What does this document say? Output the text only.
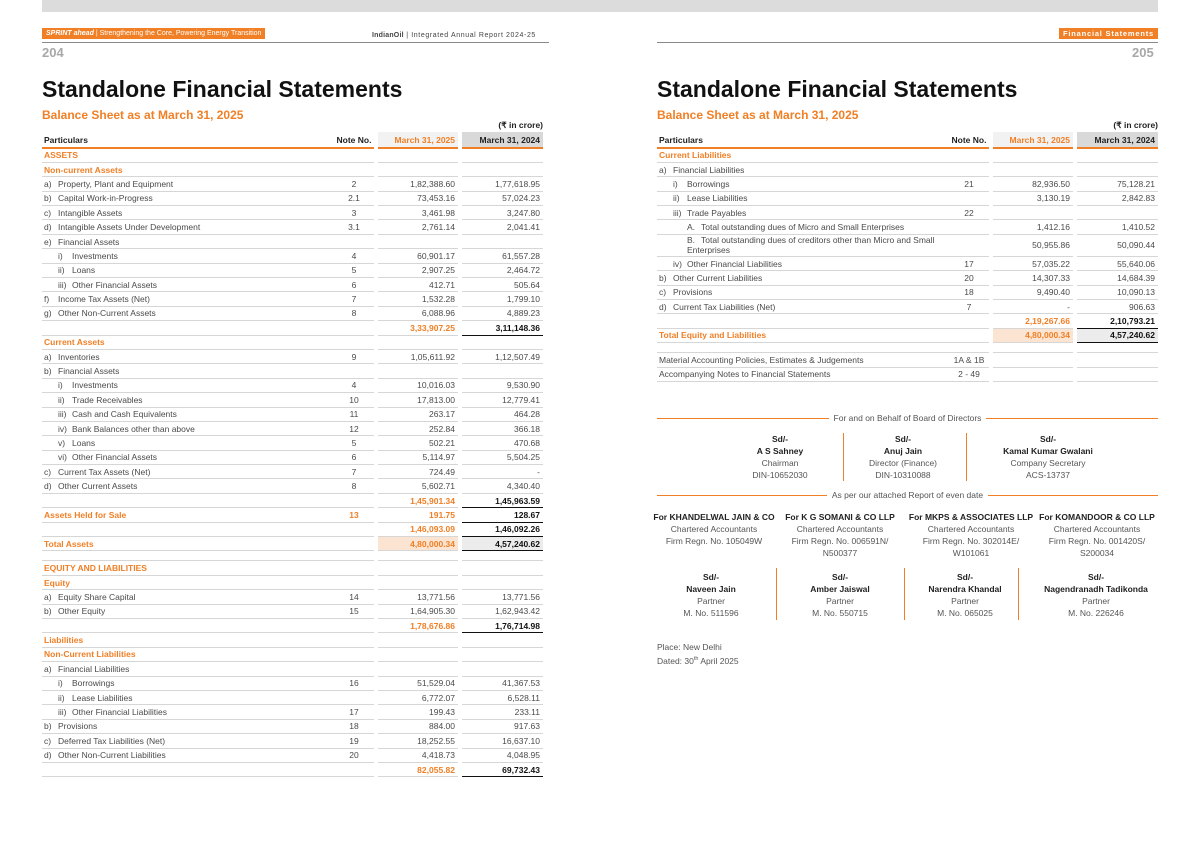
SPRINT ahead | Strengthening the Core, Powering Energy Transition	IndianOil | Integrated Annual Report 2024-25	Financial Statements
204
Standalone Financial Statements
Balance Sheet as at March 31, 2025
(₹ in crore)
Particulars	Note No.	March 31, 2025	March 31, 2024
ASSETS			
Non-current Assets			
a) Property, Plant and Equipment	2	1,82,388.60	1,77,618.95
b) Capital Work-in-Progress	2.1	73,453.16	57,024.23
c) Intangible Assets	3	3,461.98	3,247.80
d) Intangible Assets Under Development	3.1	2,761.14	2,041.41
e) Financial Assets			
i) Investments	4	60,901.17	61,557.28
ii) Loans	5	2,907.25	2,464.72
iii) Other Financial Assets	6	412.71	505.64
f) Income Tax Assets (Net)	7	1,532.28	1,799.10
g) Other Non-Current Assets	8	6,088.96	4,889.23
		3,33,907.25	3,11,148.36
Current Assets			
a) Inventories	9	1,05,611.92	1,12,507.49
b) Financial Assets			
i) Investments	4	10,016.03	9,530.90
ii) Trade Receivables	10	17,813.00	12,779.41
iii) Cash and Cash Equivalents	11	263.17	464.28
iv) Bank Balances other than above	12	252.84	366.18
v) Loans	5	502.21	470.68
vi) Other Financial Assets	6	5,114.97	5,504.25
c) Current Tax Assets (Net)	7	724.49	-
d) Other Current Assets	8	5,602.71	4,340.40
		1,45,901.34	1,45,963.59
Assets Held for Sale	13	191.75	128.67
		1,46,093.09	1,46,092.26
Total Assets		4,80,000.34	4,57,240.62

EQUITY AND LIABILITIES			
Equity			
a) Equity Share Capital	14	13,771.56	13,771.56
b) Other Equity	15	1,64,905.30	1,62,943.42
		1,78,676.86	1,76,714.98
Liabilities			
Non-Current Liabilities			
a) Financial Liabilities			
i) Borrowings	16	51,529.04	41,367.53
ii) Lease Liabilities		6,772.07	6,528.11
iii) Other Financial Liabilities	17	199.43	233.11
b) Provisions	18	884.00	917.63
c) Deferred Tax Liabilities (Net)	19	18,252.55	16,637.10
d) Other Non-Current Liabilities	20	4,418.73	4,048.95
		82,055.82	69,732.43
205
Standalone Financial Statements
Balance Sheet as at March 31, 2025
(₹ in crore)
Particulars	Note No.	March 31, 2025	March 31, 2024
Current Liabilities			
a) Financial Liabilities			
i) Borrowings	21	82,936.50	75,128.21
ii) Lease Liabilities		3,130.19	2,842.83
iii) Trade Payables	22		
A. Total outstanding dues of Micro and Small Enterprises		1,412.16	1,410.52
B. Total outstanding dues of creditors other than Micro and Small Enterprises		50,955.86	50,090.44
iv) Other Financial Liabilities	17	57,035.22	55,640.06
b) Other Current Liabilities	20	14,307.33	14,684.39
c) Provisions	18	9,490.40	10,090.13
d) Current Tax Liabilities (Net)	7	-	906.63
		2,19,267.66	2,10,793.21
Total Equity and Liabilities		4,80,000.34	4,57,240.62

Material Accounting Policies, Estimates & Judgements	1A & 1B		
Accompanying Notes to Financial Statements	2 - 49		
For and on Behalf of Board of Directors
Sd/-
A S Sahney
Chairman
DIN-10652030
Sd/-
Anuj Jain
Director (Finance)
DIN-10310088
Sd/-
Kamal Kumar Gwalani
Company Secretary
ACS-13737
As per our attached Report of even date
For KHANDELWAL JAIN & CO
Chartered Accountants
Firm Regn. No. 105049W
For K G SOMANI & CO LLP
Chartered Accountants
Firm Regn. No. 006591N/
N500377
For MKPS & ASSOCIATES LLP
Chartered Accountants
Firm Regn. No. 302014E/
W101061
For KOMANDOOR & CO LLP
Chartered Accountants
Firm Regn. No. 001420S/
S200034
Sd/-
Naveen Jain
Partner
M. No. 511596
Sd/-
Amber Jaiswal
Partner
M. No. 550715
Sd/-
Narendra Khandal
Partner
M. No. 065025
Sd/-
Nagendranadh Tadikonda
Partner
M. No. 226246
Place: New Delhi
Dated: 30th April 2025
